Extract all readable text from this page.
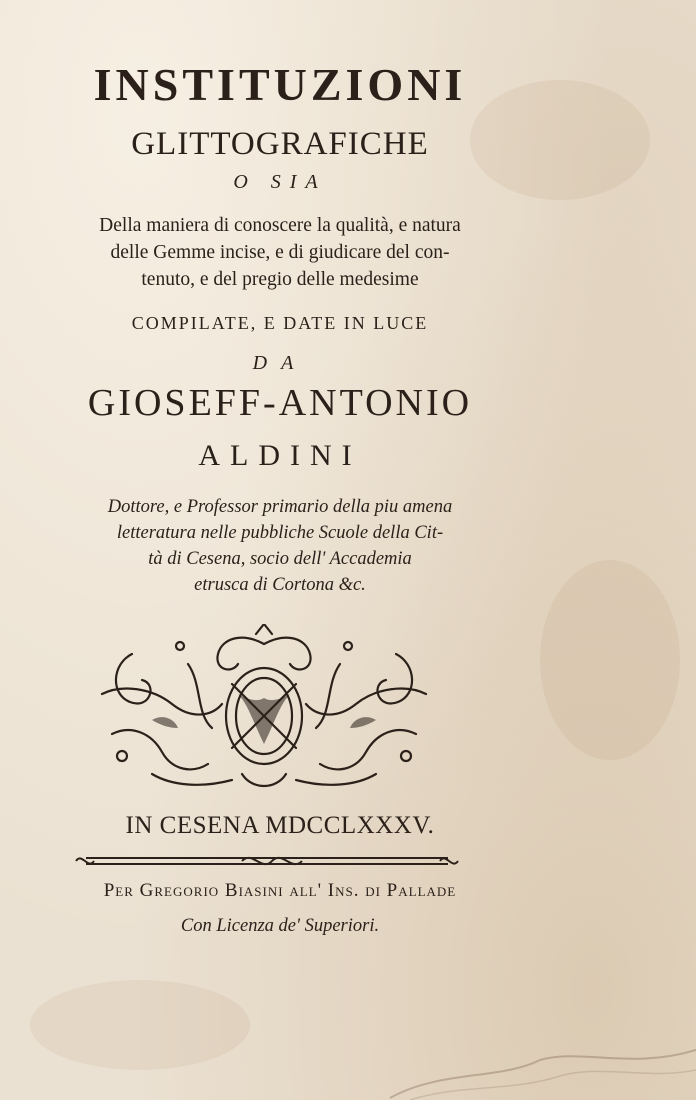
INSTITUZIONI
GLITTOGRAFICHE
O SIA
Della maniera di conoscere la qualità, e natura
delle Gemme incise, e di giudicare del con-
tenuto, e del pregio delle medesime
COMPILATE, E DATE IN LUCE
DA
GIOSEFF-ANTONIO
ALDINI
Dottore, e Professor primario della piu amena
letteratura nelle pubbliche Scuole della Cit-
tà di Cesena, socio dell' Accademia
etrusca di Cortona &c.
IN CESENA MDCCLXXXV.
Per Gregorio Biasini all' Ins. di Pallade
Con Licenza de' Superiori.
